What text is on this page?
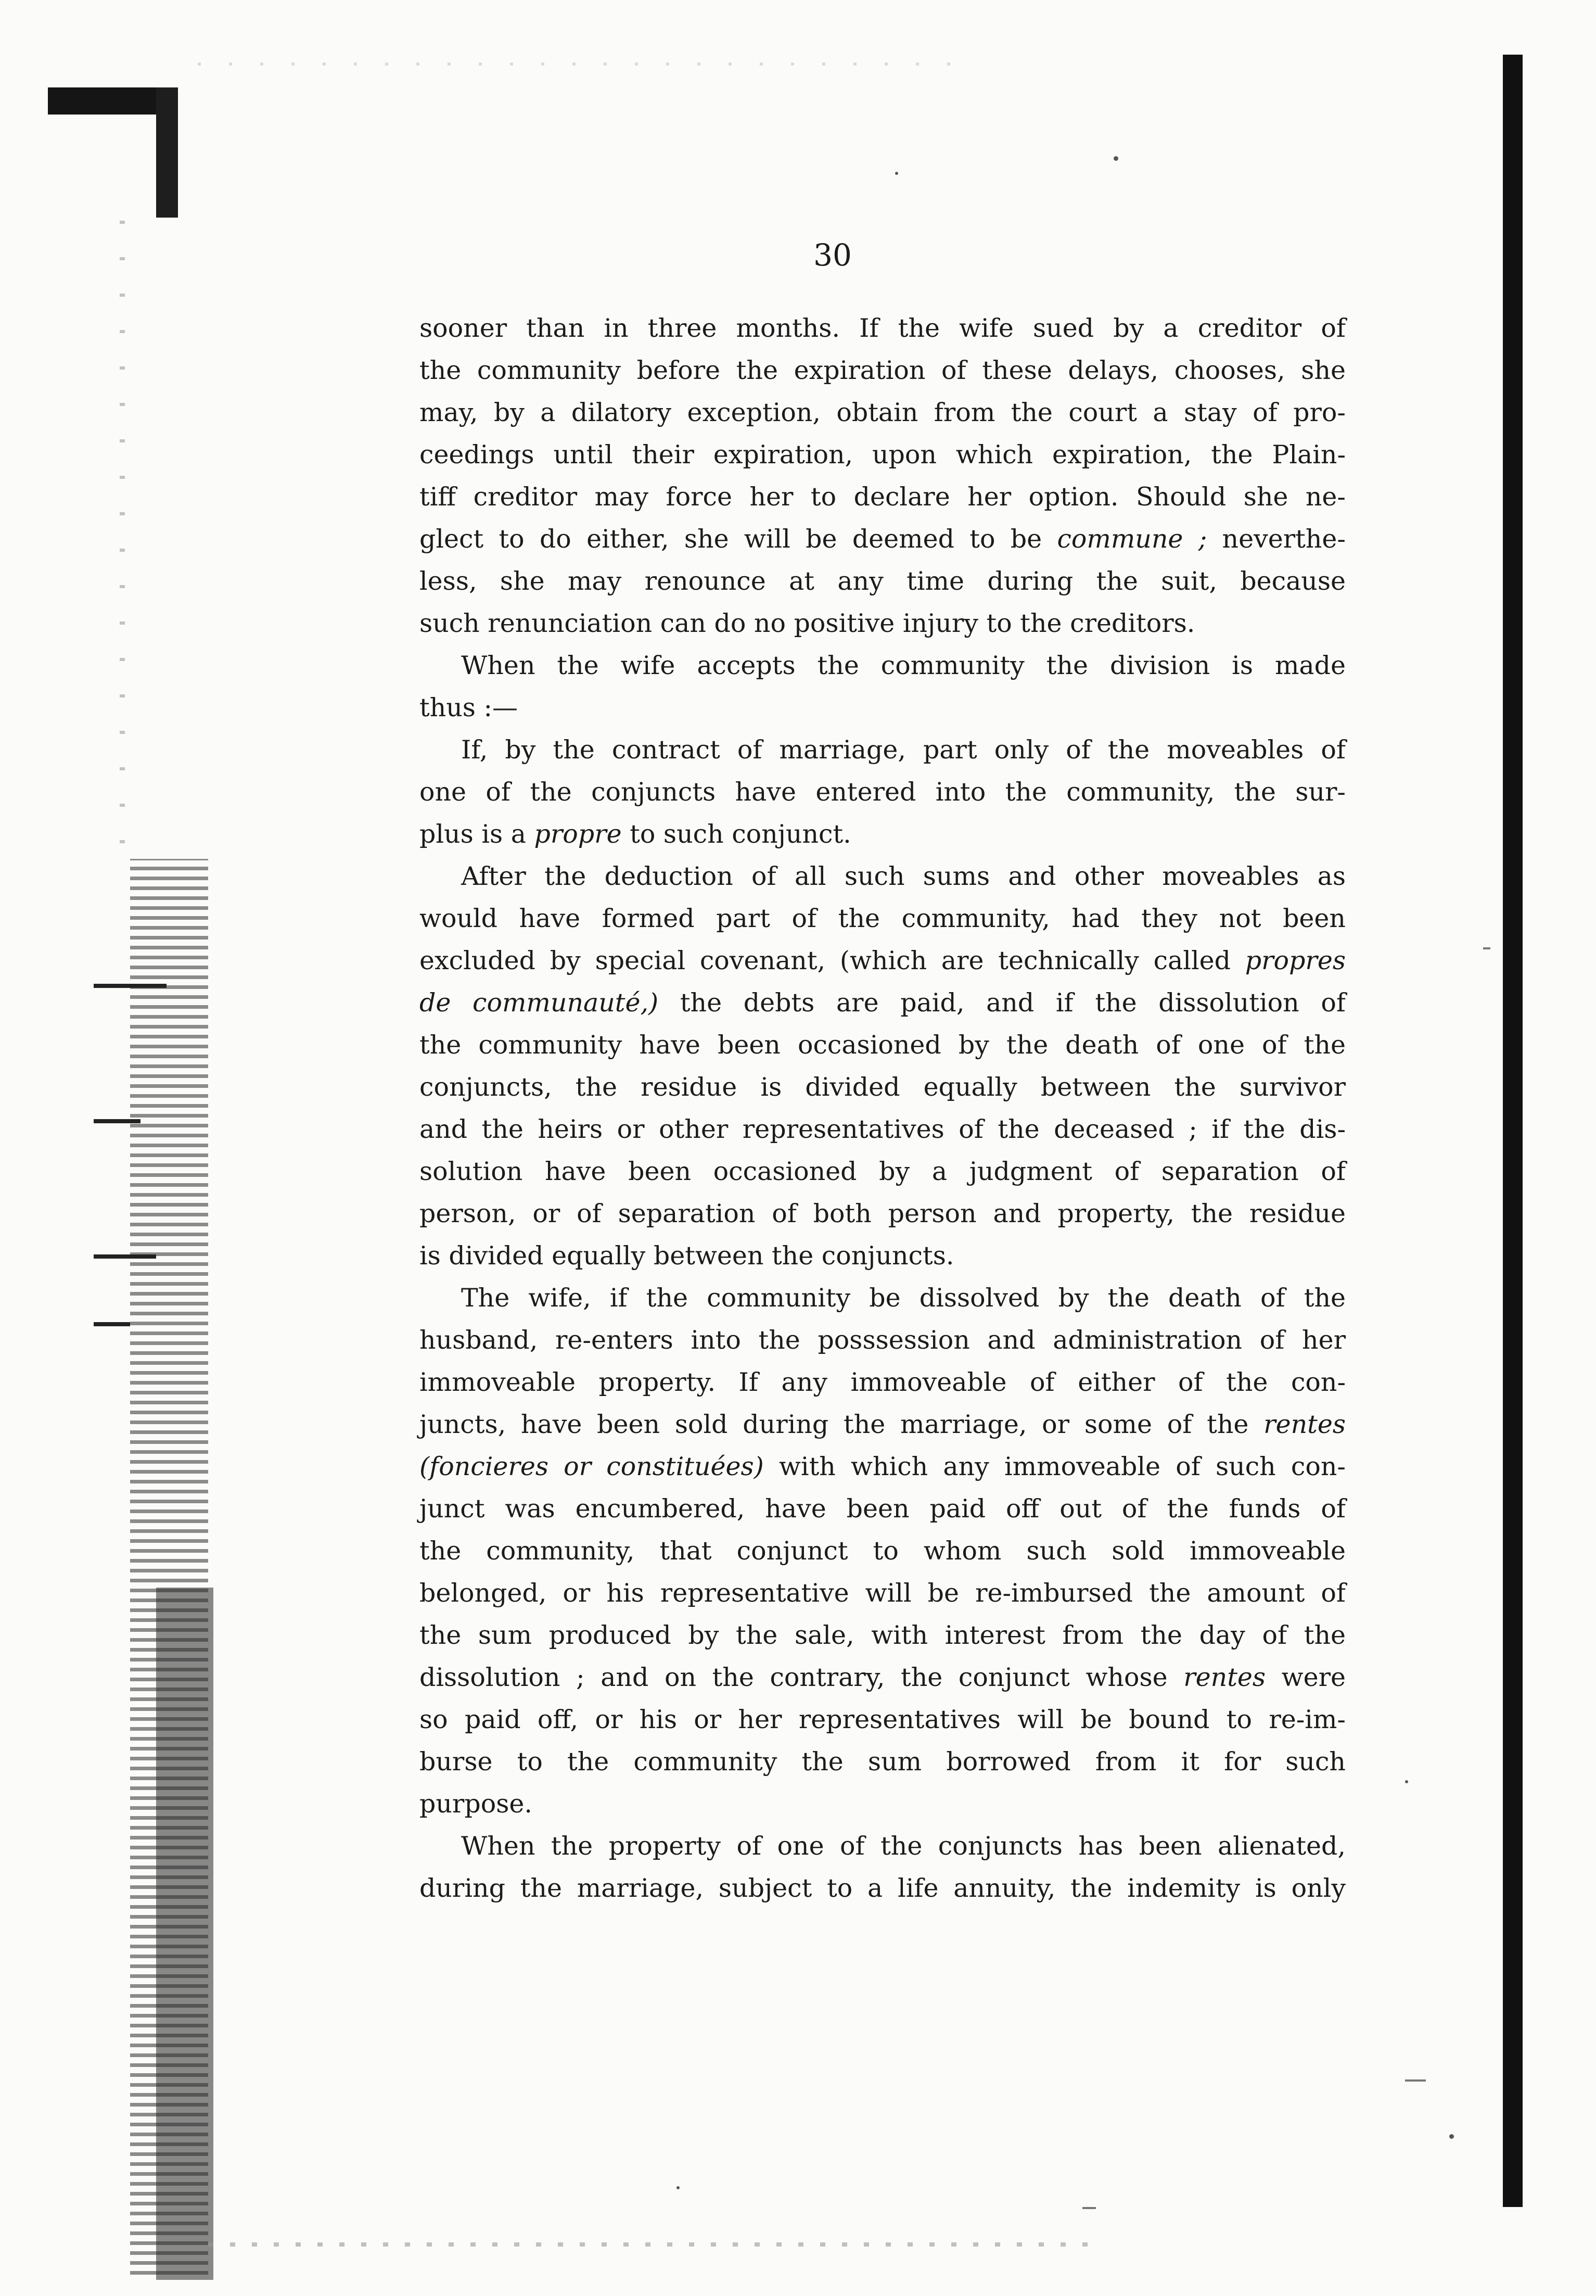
30
sooner than in three months. If the wife sued by a creditor of
the community before the expiration of these delays, chooses, she
may, by a dilatory exception, obtain from the court a stay of pro-
ceedings until their expiration, upon which expiration, the Plain-
tiff creditor may force her to declare her option. Should she ne-
glect to do either, she will be deemed to be commune ; neverthe-
less, she may renounce at any time during the suit, because
such renunciation can do no positive injury to the creditors.
When the wife accepts the community the division is made
thus :—
If, by the contract of marriage, part only of the moveables of
one of the conjuncts have entered into the community, the sur-
plus is a propre to such conjunct.
After the deduction of all such sums and other moveables as
would have formed part of the community, had they not been
excluded by special covenant, (which are technically called propres
de communauté,) the debts are paid, and if the dissolution of
the community have been occasioned by the death of one of the
conjuncts, the residue is divided equally between the survivor
and the heirs or other representatives of the deceased ; if the dis-
solution have been occasioned by a judgment of separation of
person, or of separation of both person and property, the residue
is divided equally between the conjuncts.
The wife, if the community be dissolved by the death of the
husband, re-enters into the posssession and administration of her
immoveable property. If any immoveable of either of the con-
juncts, have been sold during the marriage, or some of the rentes
(foncieres or constituées) with which any immoveable of such con-
junct was encumbered, have been paid off out of the funds of
the community, that conjunct to whom such sold immoveable
belonged, or his representative will be re-imbursed the amount of
the sum produced by the sale, with interest from the day of the
dissolution ; and on the contrary, the conjunct whose rentes were
so paid off, or his or her representatives will be bound to re-im-
burse to the community the sum borrowed from it for such
purpose.
When the property of one of the conjuncts has been alienated,
during the marriage, subject to a life annuity, the indemity is only
